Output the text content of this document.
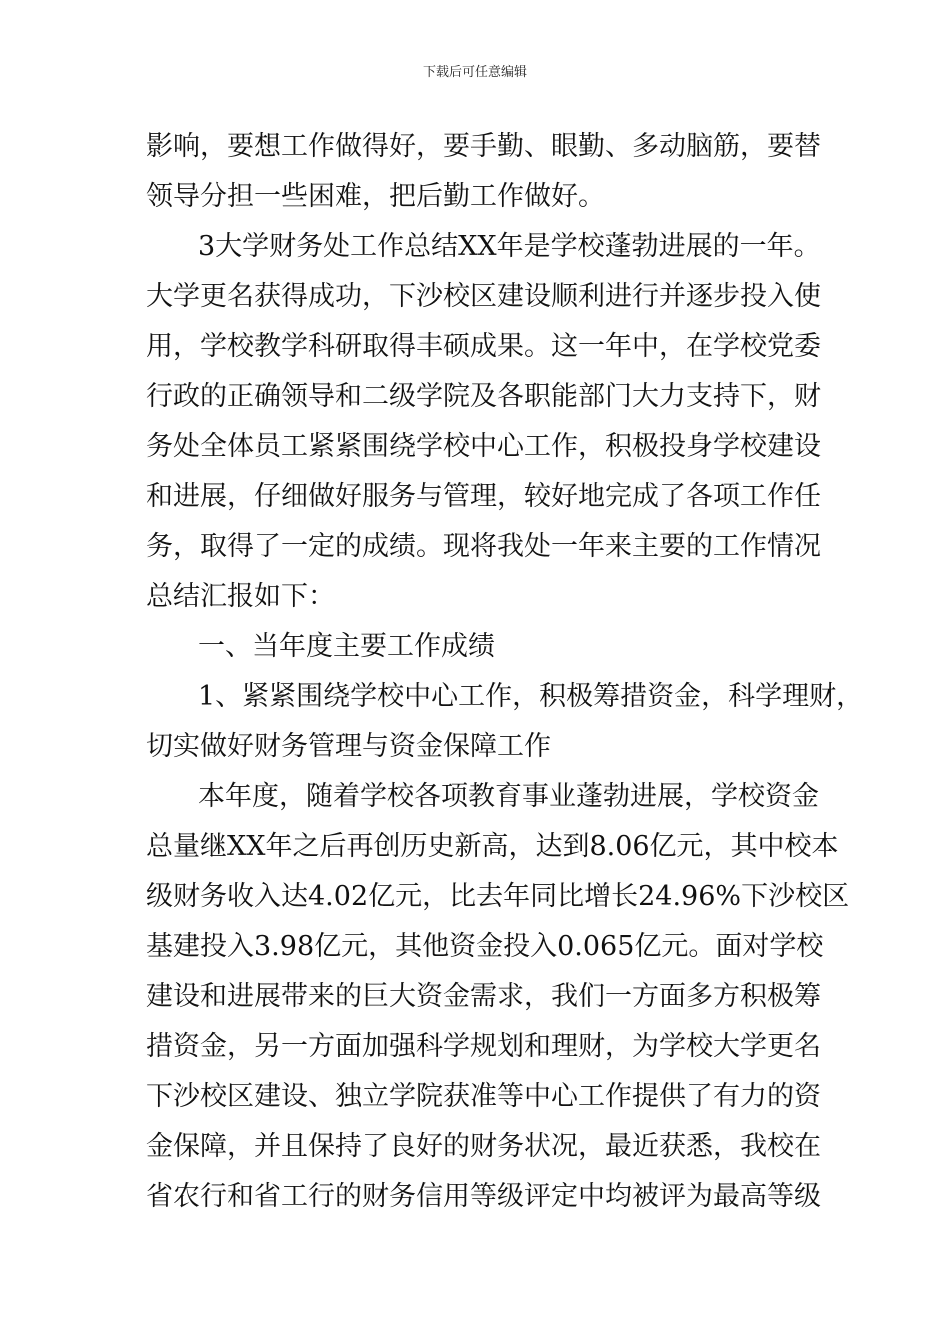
下载后可任意编辑
影响，要想工作做得好，要手勤、眼勤、多动脑筋，要替
领导分担一些困难，把后勤工作做好。
3大学财务处工作总结XX年是学校蓬勃进展的一年。
大学更名获得成功，下沙校区建设顺利进行并逐步投入使
用，学校教学科研取得丰硕成果。这一年中，在学校党委
行政的正确领导和二级学院及各职能部门大力支持下，财
务处全体员工紧紧围绕学校中心工作，积极投身学校建设
和进展，仔细做好服务与管理，较好地完成了各项工作任
务，取得了一定的成绩。现将我处一年来主要的工作情况
总结汇报如下：
一、当年度主要工作成绩
1、紧紧围绕学校中心工作，积极筹措资金，科学理财，
切实做好财务管理与资金保障工作
本年度，随着学校各项教育事业蓬勃进展，学校资金
总量继XX年之后再创历史新高，达到8.06亿元，其中校本
级财务收入达4.02亿元，比去年同比增长24.96%下沙校区
基建投入3.98亿元，其他资金投入0.065亿元。面对学校
建设和进展带来的巨大资金需求，我们一方面多方积极筹
措资金，另一方面加强科学规划和理财，为学校大学更名
下沙校区建设、独立学院获准等中心工作提供了有力的资
金保障，并且保持了良好的财务状况，最近获悉，我校在
省农行和省工行的财务信用等级评定中均被评为最高等级
